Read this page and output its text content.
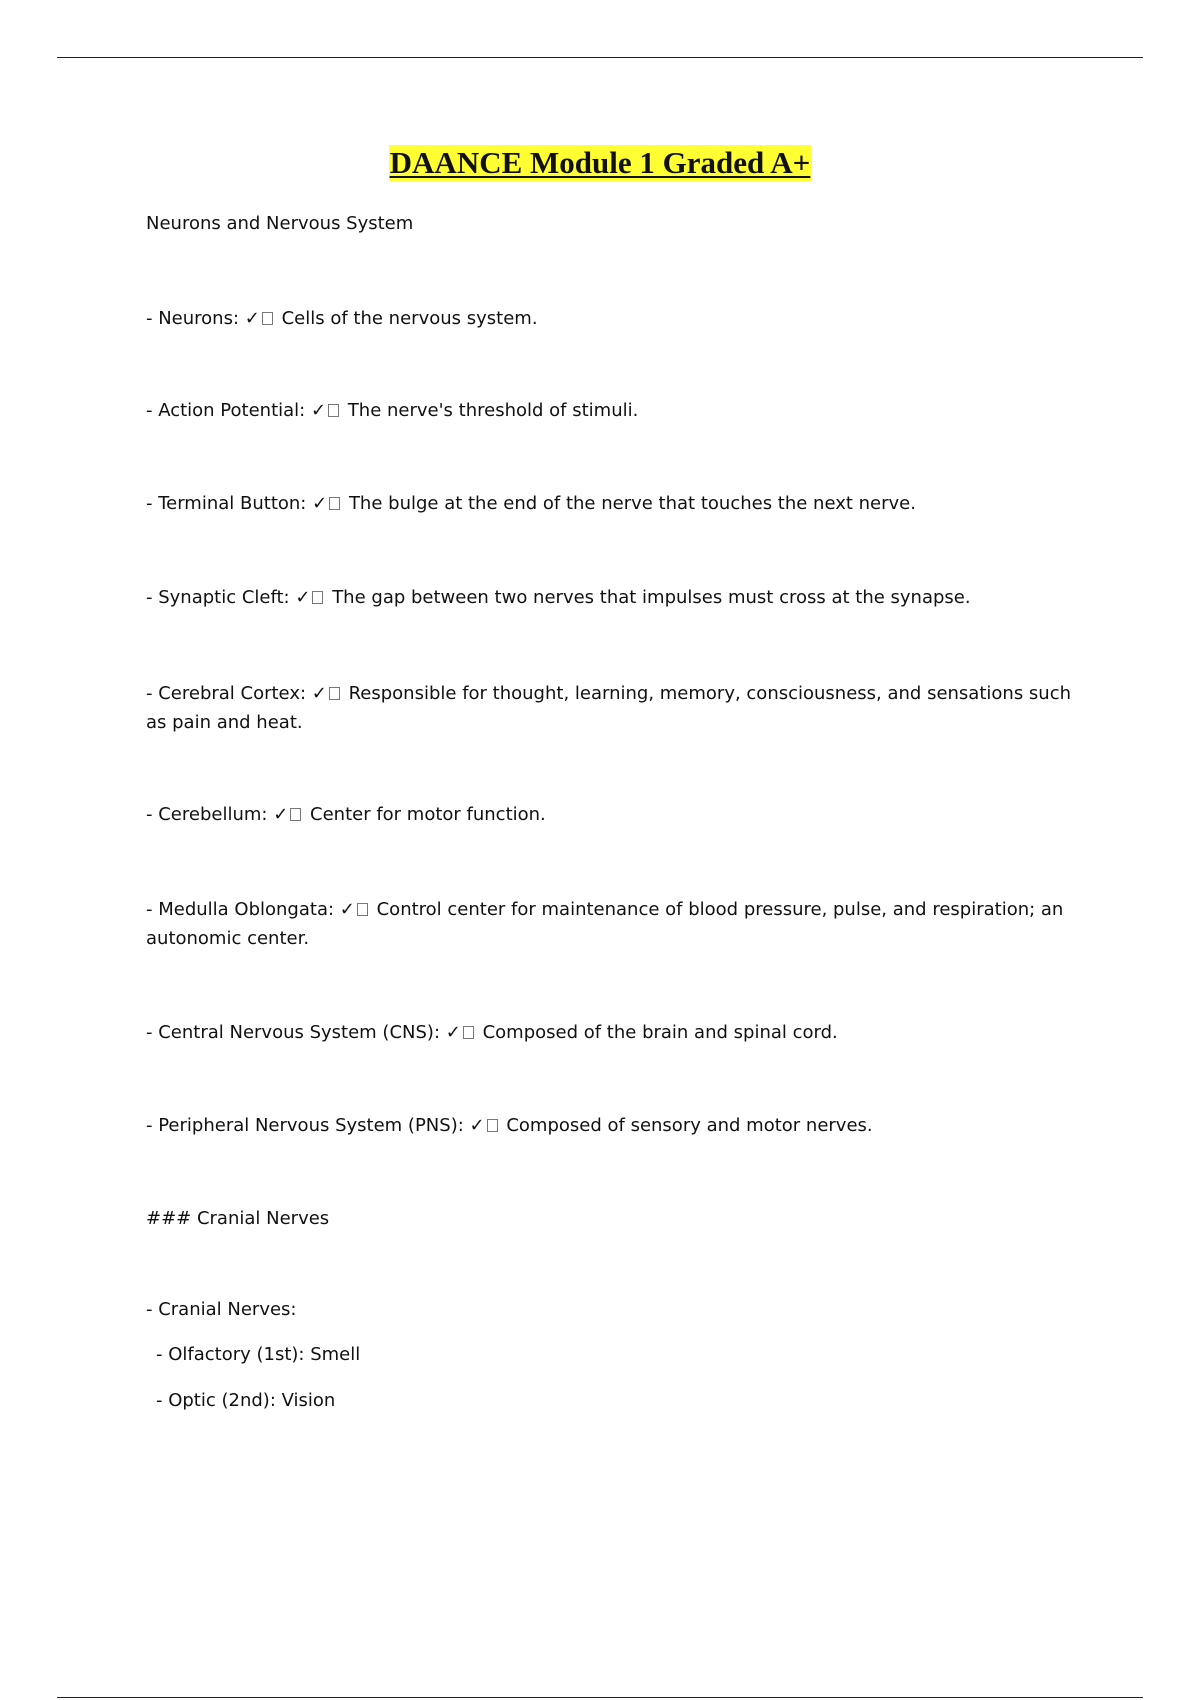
DAANCE Module 1 Graded A+
Neurons and Nervous System
- Neurons: ✓ Cells of the nervous system.
- Action Potential: ✓ The nerve's threshold of stimuli.
- Terminal Button: ✓ The bulge at the end of the nerve that touches the next nerve.
- Synaptic Cleft: ✓ The gap between two nerves that impulses must cross at the synapse.
- Cerebral Cortex: ✓ Responsible for thought, learning, memory, consciousness, and sensations such as pain and heat.
- Cerebellum: ✓ Center for motor function.
- Medulla Oblongata: ✓ Control center for maintenance of blood pressure, pulse, and respiration; an autonomic center.
- Central Nervous System (CNS): ✓ Composed of the brain and spinal cord.
- Peripheral Nervous System (PNS): ✓ Composed of sensory and motor nerves.
### Cranial Nerves
- Cranial Nerves:
- Olfactory (1st): Smell
- Optic (2nd): Vision
